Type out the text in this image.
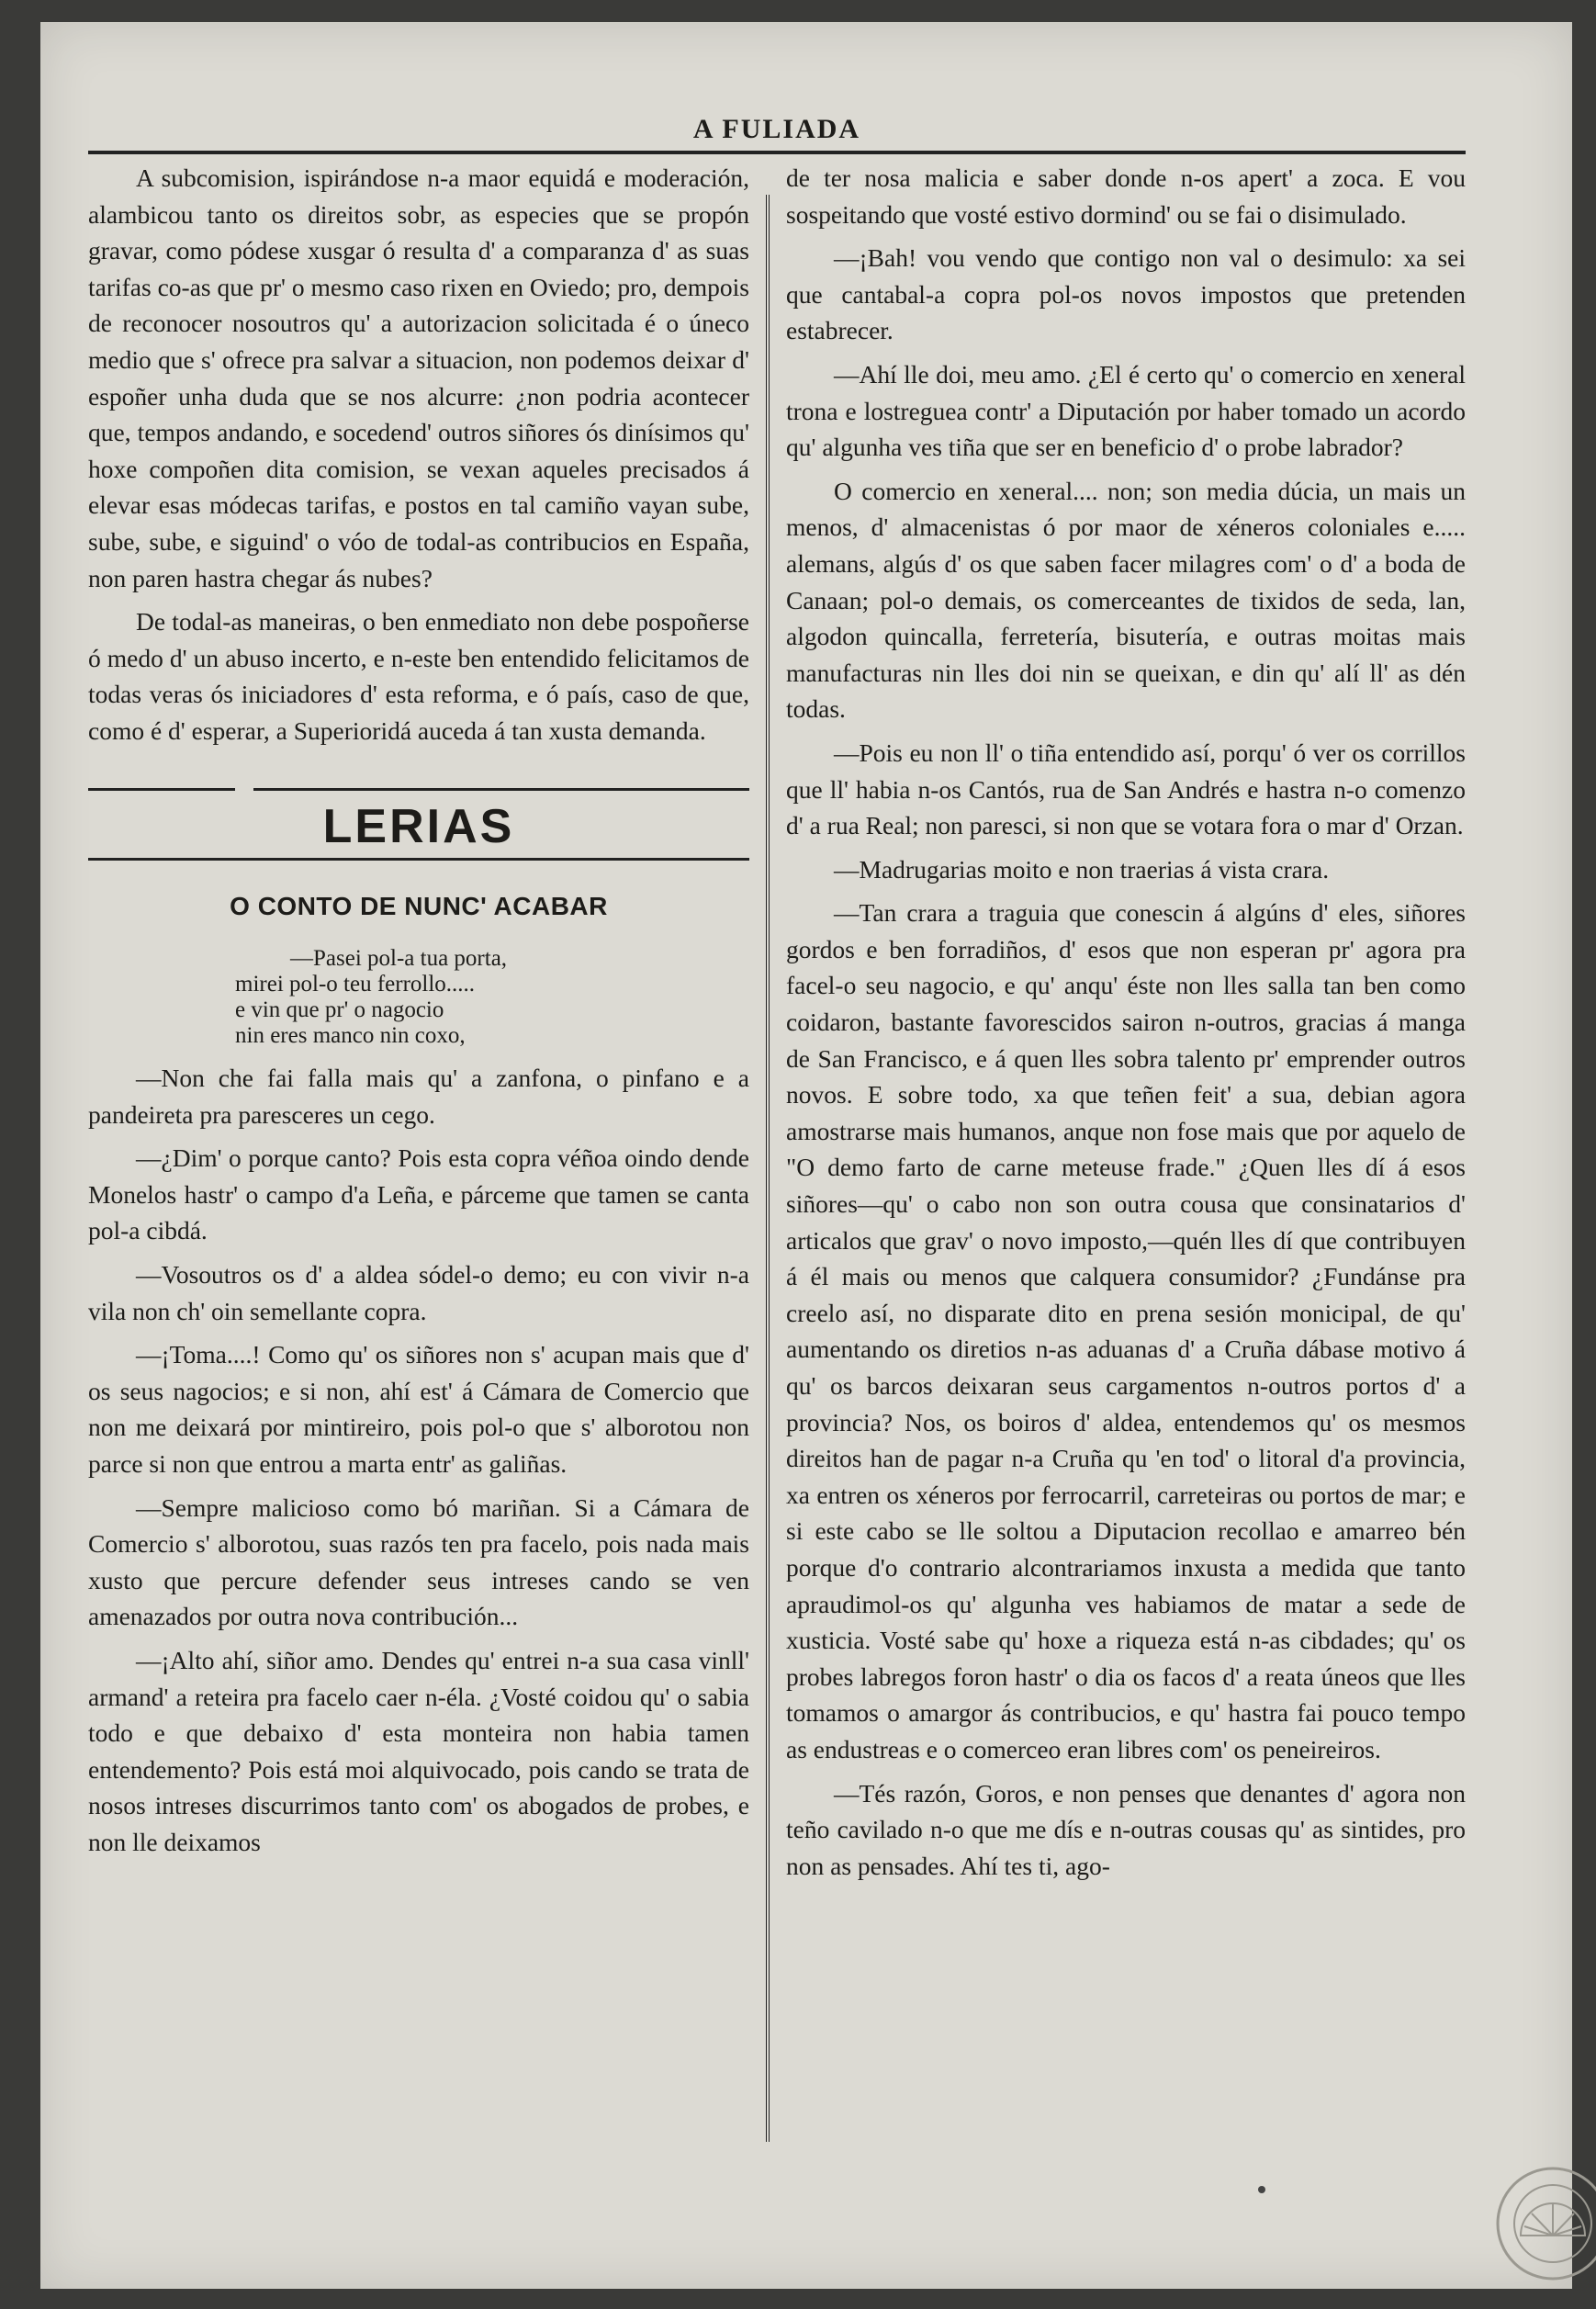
A FULIADA

A subcomision, ispirándose n-a maor equidá e moderación, alambicou tanto os direitos sobr, as especies que se propón gravar, como pódese xusgar ó resulta d' a comparanza d' as suas tarifas co-as que pr' o mesmo caso rixen en Oviedo; pro, dempois de reconocer nosoutros qu' a autorizacion solicitada é o úneco medio que s' ofrece pra salvar a situacion, non podemos deixar d' espoñer unha duda que se nos alcurre: ¿non podria acontecer que, tempos andando, e socedend' outros siñores ós dinísimos qu' hoxe compoñen dita comision, se vexan aqueles precisados á elevar esas módecas tarifas, e postos en tal camiño vayan sube, sube, sube, e siguind' o vóo de todal-as contribucios en España, non paren hastra chegar ás nubes?

De todal-as maneiras, o ben enmediato non debe pospoñerse ó medo d' un abuso incerto, e n-este ben entendido felicitamos de todas veras ós iniciadores d' esta reforma, e ó país, caso de que, como é d' esperar, a Superioridá auceda á tan xusta demanda.

LERIAS
O CONTO DE NUNC' ACABAR
—Pasei pol-a tua porta,
mirei pol-o teu ferrollo.....
e vin que pr' o nagocio
nin eres manco nin coxo,

—Non che fai falla mais qu' a zanfona, o pinfano e a pandeireta pra paresceres un cego.

—¿Dim' o porque canto? Pois esta copra véñoa oindo dende Monelos hastr' o campo d'a Leña, e párceme que tamen se canta pol-a cibdá.

—Vosoutros os d' a aldea sódel-o demo; eu con vivir n-a vila non ch' oin semellante copra.

—¡Toma....! Como qu' os siñores non s' acupan mais que d' os seus nagocios; e si non, ahí est' á Cámara de Comercio que non me deixará por mintireiro, pois pol-o que s' alborotou non parce si non que entrou a marta entr' as galiñas.

—Sempre malicioso como bó mariñan. Si a Cámara de Comercio s' alborotou, suas razós ten pra facelo, pois nada mais xusto que percure defender seus intreses cando se ven amenazados por outra nova contribución...

—¡Alto ahí, siñor amo. Dendes qu' entrei n-a sua casa vinll' armand' a reteira pra facelo caer n-éla. ¿Vosté coidou qu' o sabia todo e que debaixo d' esta monteira non habia tamen entendemento? Pois está moi alquivocado, pois cando se trata de nosos intreses discurrimos tanto com' os abogados de probes, e non lle deixamos

de ter nosa malicia e saber donde n-os apert' a zoca. E vou sospeitando que vosté estivo dormind' ou se fai o disimulado.

—¡Bah! vou vendo que contigo non val o desimulo: xa sei que cantabal-a copra pol-os novos impostos que pretenden estabrecer.

—Ahí lle doi, meu amo. ¿El é certo qu' o comercio en xeneral trona e lostreguea contr' a Diputación por haber tomado un acordo qu' algunha ves tiña que ser en beneficio d' o probe labrador?

O comercio en xeneral.... non; son media dúcia, un mais un menos, d' almacenistas ó por maor de xéneros coloniales e..... alemans, algús d' os que saben facer milagres com' o d' a boda de Canaan; pol-o demais, os comerceantes de tixidos de seda, lan, algodon quincalla, ferretería, bisutería, e outras moitas mais manufacturas nin lles doi nin se queixan, e din qu' alí ll' as dén todas.

—Pois eu non ll' o tiña entendido así, porqu' ó ver os corrillos que ll' habia n-os Cantós, rua de San Andrés e hastra n-o comenzo d' a rua Real; non paresci, si non que se votara fora o mar d' Orzan.

—Madrugarias moito e non traerias á vista crara.

—Tan crara a traguia que conescin á algúns d' eles, siñores gordos e ben forradiños, d' esos que non esperan pr' agora pra facel-o seu nagocio, e qu' anqu' éste non lles salla tan ben como coidaron, bastante favorescidos sairon n-outros, gracias á manga de San Francisco, e á quen lles sobra talento pr' emprender outros novos. E sobre todo, xa que teñen feit' a sua, debian agora amostrarse mais humanos, anque non fose mais que por aquelo de "O demo farto de carne meteuse frade." ¿Quen lles dí á esos siñores—qu' o cabo non son outra cousa que consinatarios d' articalos que grav' o novo imposto,—quén lles dí que contribuyen á él mais ou menos que calquera consumidor? ¿Fundánse pra creelo así, no disparate dito en prena sesión monicipal, de qu' aumentando os diretios n-as aduanas d' a Cruña dábase motivo á qu' os barcos deixaran seus cargamentos n-outros portos d' a provincia? Nos, os boiros d' aldea, entendemos qu' os mesmos direitos han de pagar n-a Cruña qu 'en tod' o litoral d'a provincia, xa entren os xéneros por ferrocarril, carreteiras ou portos de mar; e si este cabo se lle soltou a Diputacion recollao e amarreo bén porque d'o contrario alcontrariamos inxusta a medida que tanto apraudimol-os qu' algunha ves habiamos de matar a sede de xusticia. Vosté sabe qu' hoxe a riqueza está n-as cibdades; qu' os probes labregos foron hastr' o dia os facos d' a reata úneos que lles tomamos o amargor ás contribucios, e qu' hastra fai pouco tempo as endustreas e o comerceo eran libres com' os peneireiros.

—Tés razón, Goros, e non penses que denantes d' agora non teño cavilado n-o que me dís e n-outras cousas qu' as sintides, pro non as pensades. Ahí tes ti, ago-
